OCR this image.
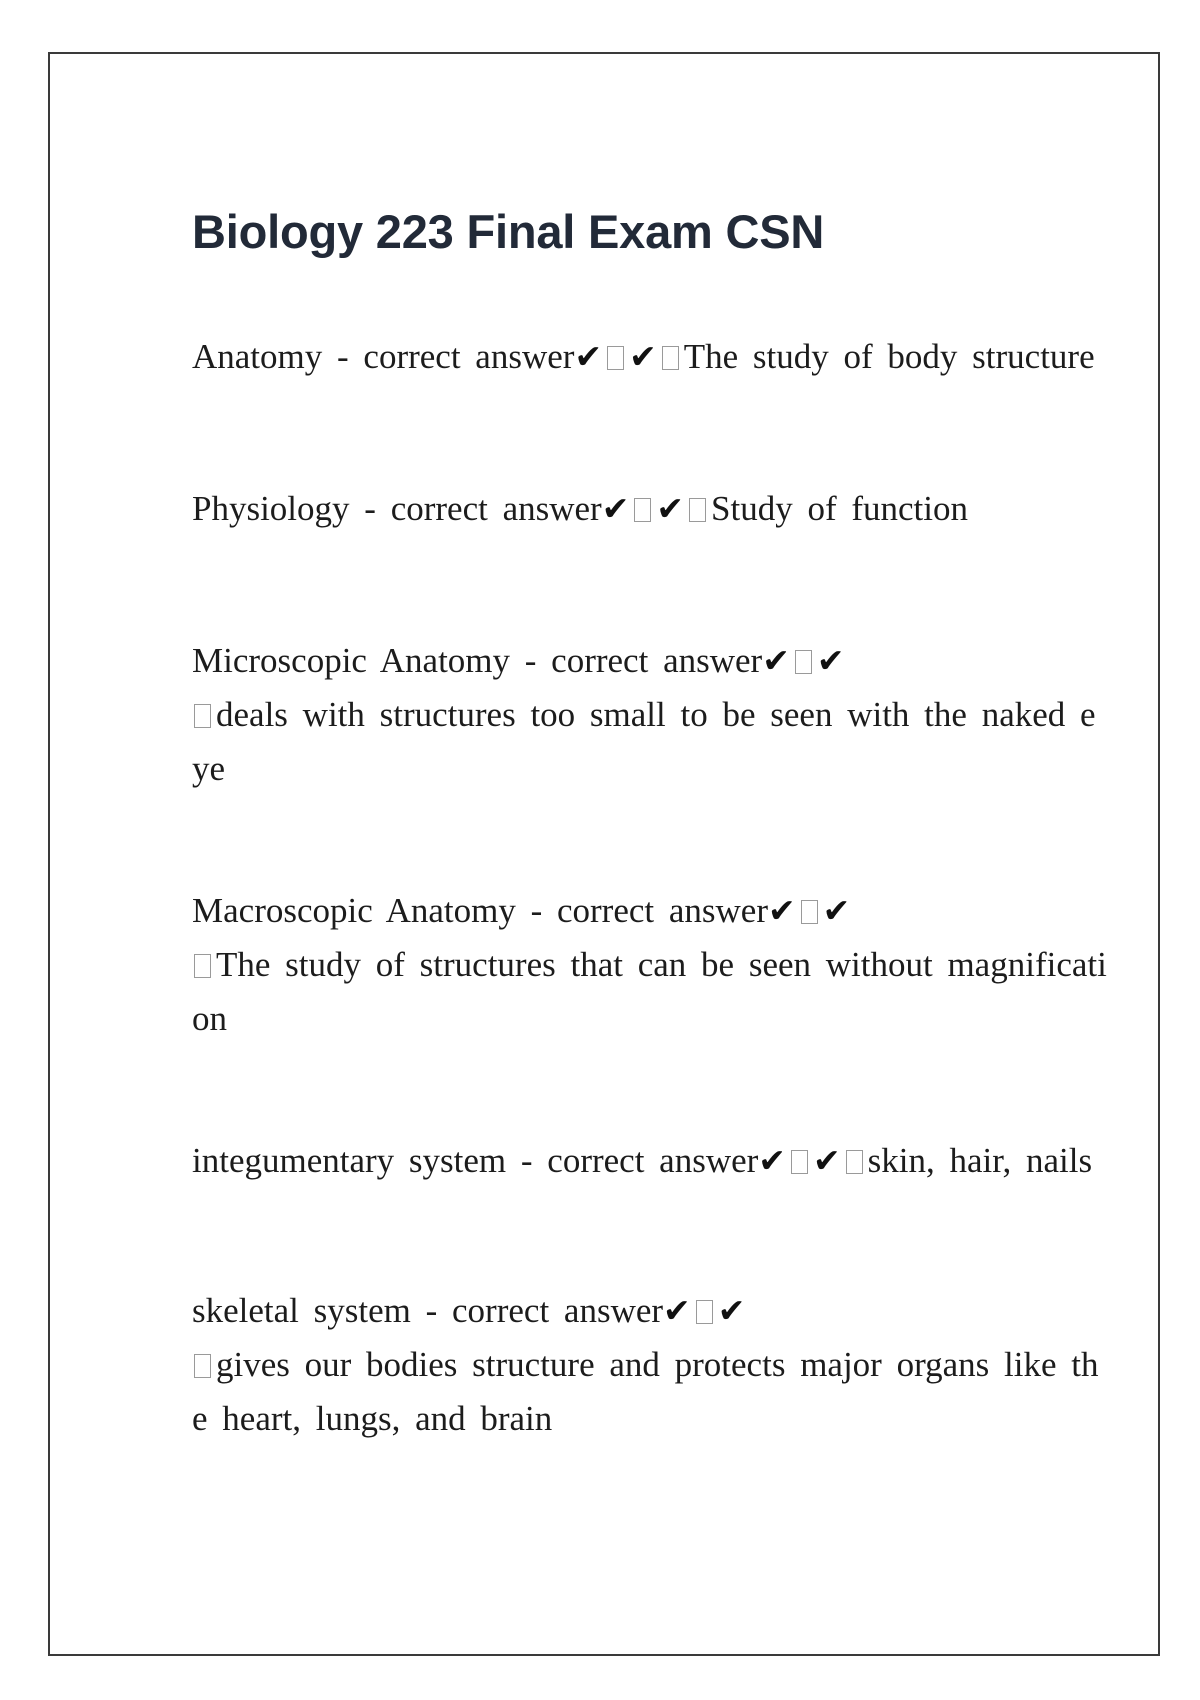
Biology 223 Final Exam CSN
Anatomy - correct answer✔ ✔ The study of body structure
Physiology - correct answer✔ ✔ Study of function
Microscopic Anatomy - correct answer✔ ✔
deals with structures too small to be seen with the naked e
ye
Macroscopic Anatomy - correct answer✔ ✔
The study of structures that can be seen without magnificati
on
integumentary system - correct answer✔ ✔ skin, hair, nails
skeletal system - correct answer✔ ✔
gives our bodies structure and protects major organs like th
e heart, lungs, and brain
